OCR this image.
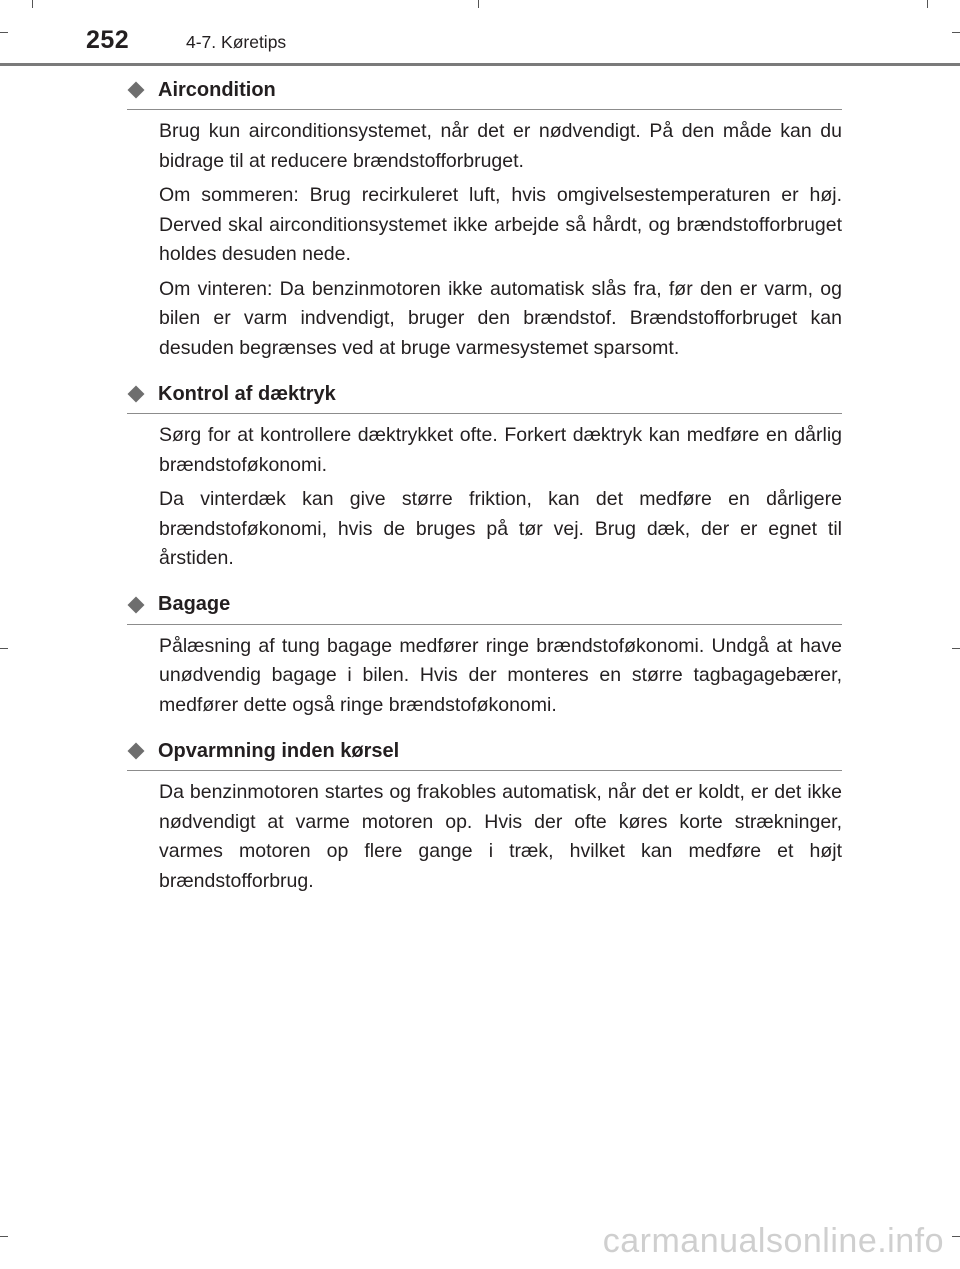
252	4-7. Køretips
Aircondition

Brug kun airconditionsystemet, når det er nødvendigt. På den måde kan du bidrage til at reducere brændstofforbruget.

Om sommeren: Brug recirkuleret luft, hvis omgivelsestemperaturen er høj. Derved skal airconditionsystemet ikke arbejde så hårdt, og brændstofforbruget holdes desuden nede.

Om vinteren: Da benzinmotoren ikke automatisk slås fra, før den er varm, og bilen er varm indvendigt, bruger den brændstof. Brændstofforbruget kan desuden begrænses ved at bruge varmesystemet sparsomt.

Kontrol af dæktryk

Sørg for at kontrollere dæktrykket ofte. Forkert dæktryk kan medføre en dårlig brændstoføkonomi.

Da vinterdæk kan give større friktion, kan det medføre en dårligere brændstoføkonomi, hvis de bruges på tør vej. Brug dæk, der er egnet til årstiden.

Bagage

Pålæsning af tung bagage medfører ringe brændstoføkonomi. Undgå at have unødvendig bagage i bilen. Hvis der monteres en større tagbagagebærer, medfører dette også ringe brændstoføkonomi.

Opvarmning inden kørsel

Da benzinmotoren startes og frakobles automatisk, når det er koldt, er det ikke nødvendigt at varme motoren op. Hvis der ofte køres korte strækninger, varmes motoren op flere gange i træk, hvilket kan medføre et højt brændstofforbrug.

carmanualsonline.info
